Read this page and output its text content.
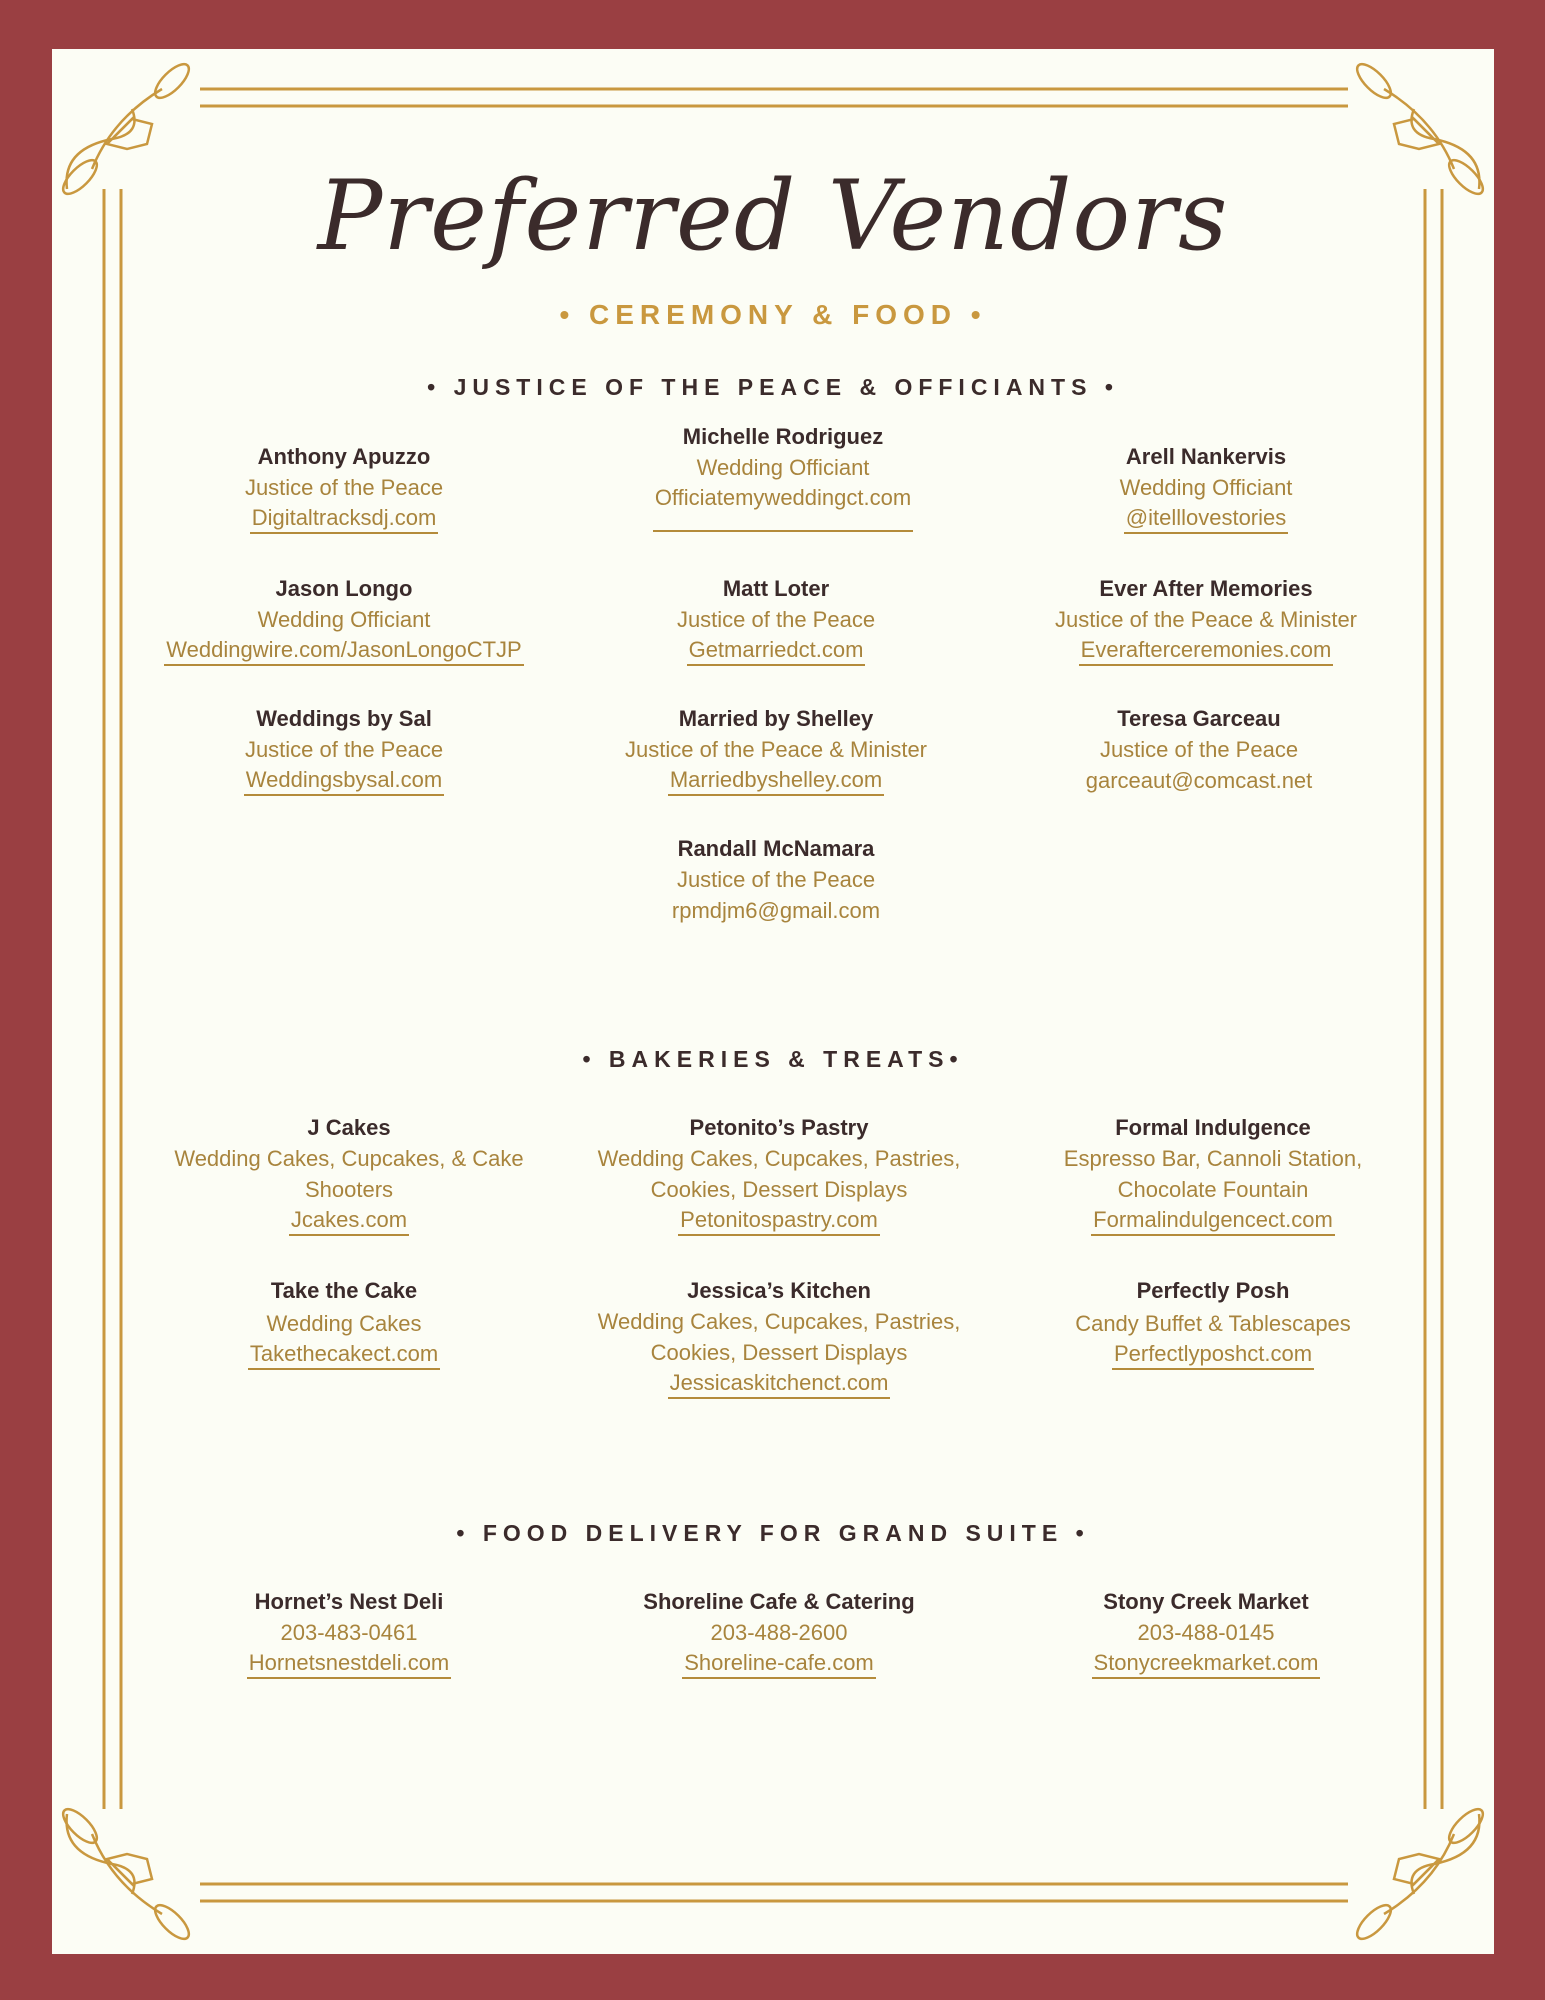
Preferred Vendors
• CEREMONY & FOOD •
• JUSTICE OF THE PEACE & OFFICIANTS •
Anthony Apuzzo
Justice of the Peace
Digitaltracksdj.com
Michelle Rodriguez
Wedding Officiant
Officiatemyweddingct.com
Arell Nankervis
Wedding Officiant
@itelllovestories
Jason Longo
Wedding Officiant
Weddingwire.com/JasonLongoCTJP
Matt Loter
Justice of the Peace
Getmarriedct.com
Ever After Memories
Justice of the Peace & Minister
Everafterceremonies.com
Weddings by Sal
Justice of the Peace
Weddingsbysal.com
Married by Shelley
Justice of the Peace & Minister
Marriedbyshelley.com
Teresa Garceau
Justice of the Peace
garceaut@comcast.net
Randall McNamara
Justice of the Peace
rpmdjm6@gmail.com
• BAKERIES & TREATS•
J Cakes
Wedding Cakes, Cupcakes, & Cake
Shooters
Jcakes.com
Petonito’s Pastry
Wedding Cakes, Cupcakes, Pastries,
Cookies, Dessert Displays
Petonitospastry.com
Formal Indulgence
Espresso Bar, Cannoli Station,
Chocolate Fountain
Formalindulgencect.com
Take the Cake
Wedding Cakes
Takethecakect.com
Jessica’s Kitchen
Wedding Cakes, Cupcakes, Pastries,
Cookies, Dessert Displays
Jessicaskitchenct.com
Perfectly Posh
Candy Buffet & Tablescapes
Perfectlyposhct.com
• FOOD DELIVERY FOR GRAND SUITE •
Hornet’s Nest Deli
203-483-0461
Hornetsnestdeli.com
Shoreline Cafe & Catering
203-488-2600
Shoreline-cafe.com
Stony Creek Market
203-488-0145
Stonycreekmarket.com
